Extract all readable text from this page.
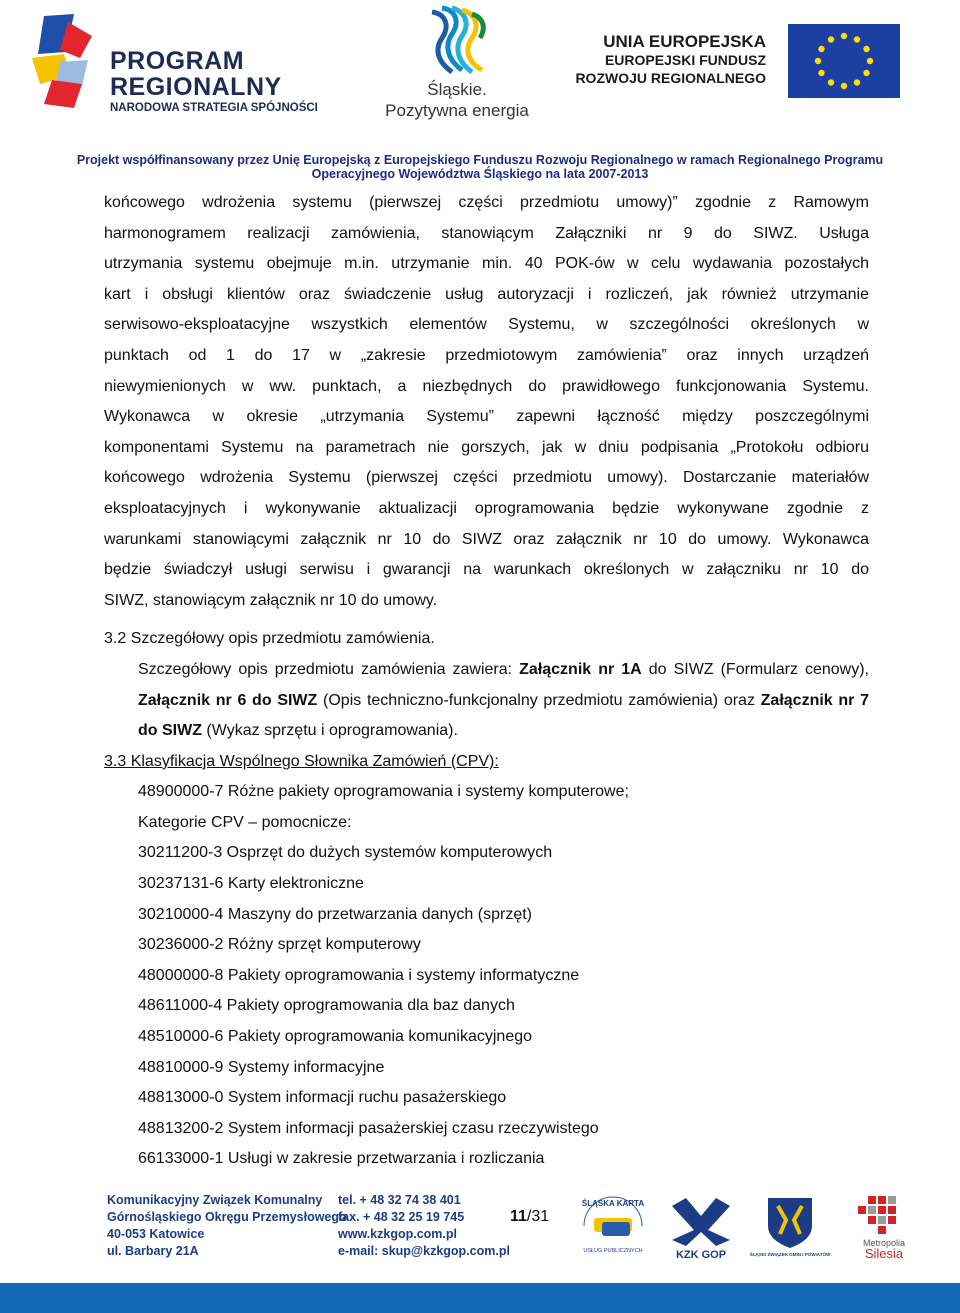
PROGRAM
REGIONALNY
NARODOWA STRATEGIA SPÓJNOŚCI
Śląskie.
Pozytywna energia
UNIA EUROPEJSKA
EUROPEJSKI FUNDUSZ
ROZWOJU REGIONALNEGO
Projekt współfinansowany przez Unię Europejską z Europejskiego Funduszu Rozwoju Regionalnego w ramach Regionalnego Programu
Operacyjnego Województwa Śląskiego na lata 2007-2013

końcowego wdrożenia systemu (pierwszej części przedmiotu umowy)” zgodnie z Ramowym

harmonogramem realizacji zamówienia, stanowiącym Załączniki nr 9 do SIWZ. Usługa

utrzymania systemu obejmuje m.in. utrzymanie min. 40 POK-ów w celu wydawania pozostałych

kart i obsługi klientów oraz świadczenie usług autoryzacji i rozliczeń, jak również utrzymanie

serwisowo-eksploatacyjne wszystkich elementów Systemu, w szczególności określonych w

punktach od 1 do 17 w „zakresie przedmiotowym zamówienia” oraz innych urządzeń

niewymienionych w ww. punktach, a niezbędnych do prawidłowego funkcjonowania Systemu.

Wykonawca w okresie „utrzymania Systemu” zapewni łączność między poszczególnymi

komponentami Systemu na parametrach nie gorszych, jak w dniu podpisania „Protokołu odbioru

końcowego wdrożenia Systemu (pierwszej części przedmiotu umowy). Dostarczanie materiałów

eksploatacyjnych i wykonywanie aktualizacji oprogramowania będzie wykonywane zgodnie z

warunkami stanowiącymi załącznik nr 10 do SIWZ oraz załącznik nr 10 do umowy. Wykonawca

będzie świadczył usługi serwisu i gwarancji na warunkach określonych w załączniku nr 10 do

SIWZ, stanowiącym załącznik nr 10 do umowy.

3.2 Szczegółowy opis przedmiotu zamówienia.

Szczegółowy opis przedmiotu zamówienia zawiera: Załącznik nr 1A do SIWZ (Formularz cenowy), Załącznik nr 6 do SIWZ (Opis techniczno-funkcjonalny przedmiotu zamówienia) oraz Załącznik nr 7 do SIWZ (Wykaz sprzętu i oprogramowania).

3.3 Klasyfikacja Wspólnego Słownika Zamówień (CPV):

48900000-7 Różne pakiety oprogramowania i systemy komputerowe;

Kategorie CPV – pomocnicze:

30211200-3 Osprzęt do dużych systemów komputerowych

30237131-6 Karty elektroniczne

30210000-4 Maszyny do przetwarzania danych (sprzęt)

30236000-2 Różny sprzęt komputerowy

48000000-8 Pakiety oprogramowania i systemy informatyczne

48611000-4 Pakiety oprogramowania dla baz danych

48510000-6 Pakiety oprogramowania komunikacyjnego

48810000-9 Systemy informacyjne

48813000-0 System informacji ruchu pasażerskiego

48813200-2 System informacji pasażerskiej czasu rzeczywistego

66133000-1 Usługi w zakresie przetwarzania i rozliczania

Komunikacyjny Związek Komunalny
Górnośląskiego Okręgu Przemysłowego
40-053 Katowice
ul. Barbary 21A
tel. + 48 32 74 38 401
fax. + 48 32 25 19 745
www.kzkgop.com.pl
e-mail: skup@kzkgop.com.pl
11/31
ŚLĄSKA KARTA
USŁUG PUBLICZNYCH	KZK GOP	ŚLĄSKI ZWIĄZEK GMIN I POWIATÓW
Metropolia
Silesia
